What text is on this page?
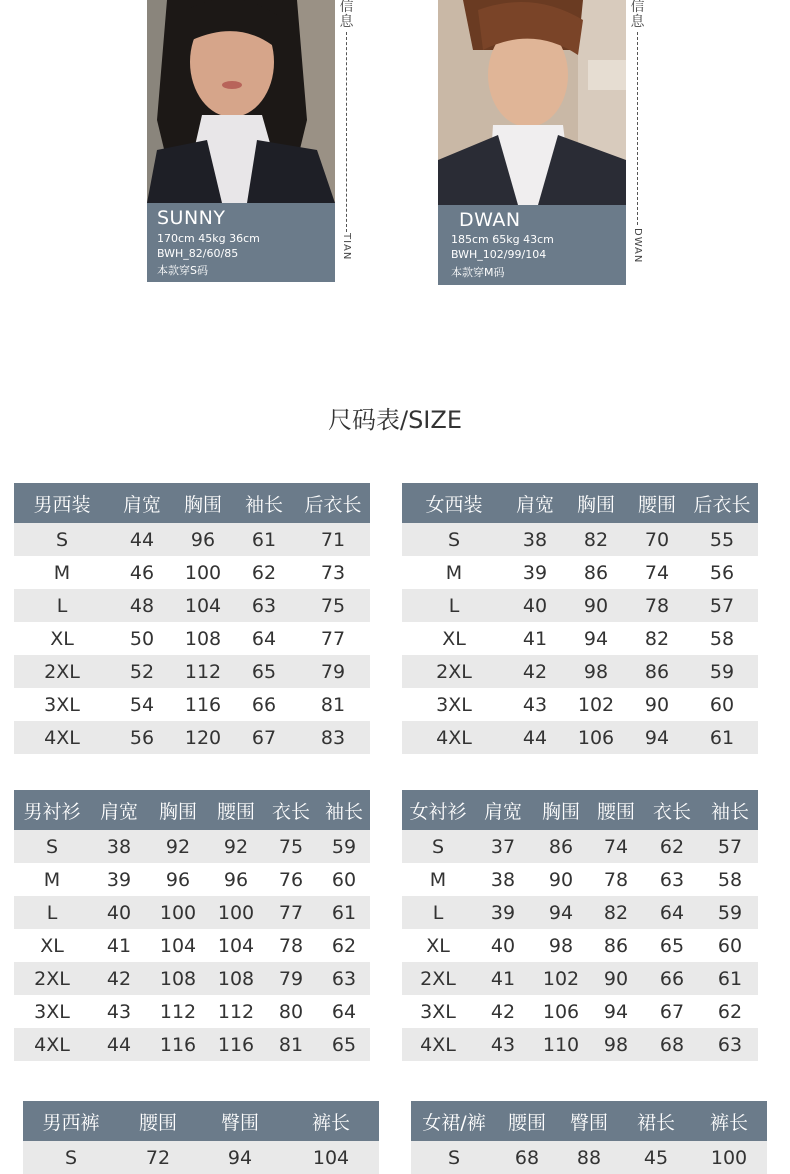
SUNNY
170cm 45kg 36cm
BWH_82/60/85
本款穿S码
信息
TIAN
DWAN
185cm 65kg 43cm
BWH_102/99/104
本款穿M码
信息
DWAN
尺码表/SIZE
男西装	肩宽	胸围	袖长	后衣长
S	44	96	61	71
M	46	100	62	73
L	48	104	63	75
XL	50	108	64	77
2XL	52	112	65	79
3XL	54	116	66	81
4XL	56	120	67	83
女西装	肩宽	胸围	腰围	后衣长
S	38	82	70	55
M	39	86	74	56
L	40	90	78	57
XL	41	94	82	58
2XL	42	98	86	59
3XL	43	102	90	60
4XL	44	106	94	61
男衬衫	肩宽	胸围	腰围	衣长	袖长
S	38	92	92	75	59
M	39	96	96	76	60
L	40	100	100	77	61
XL	41	104	104	78	62
2XL	42	108	108	79	63
3XL	43	112	112	80	64
4XL	44	116	116	81	65
女衬衫	肩宽	胸围	腰围	衣长	袖长
S	37	86	74	62	57
M	38	90	78	63	58
L	39	94	82	64	59
XL	40	98	86	65	60
2XL	41	102	90	66	61
3XL	42	106	94	67	62
4XL	43	110	98	68	63
男西裤	腰围	臀围	裤长
S	72	94	104
女裙/裤	腰围	臀围	裙长	裤长
S	68	88	45	100
